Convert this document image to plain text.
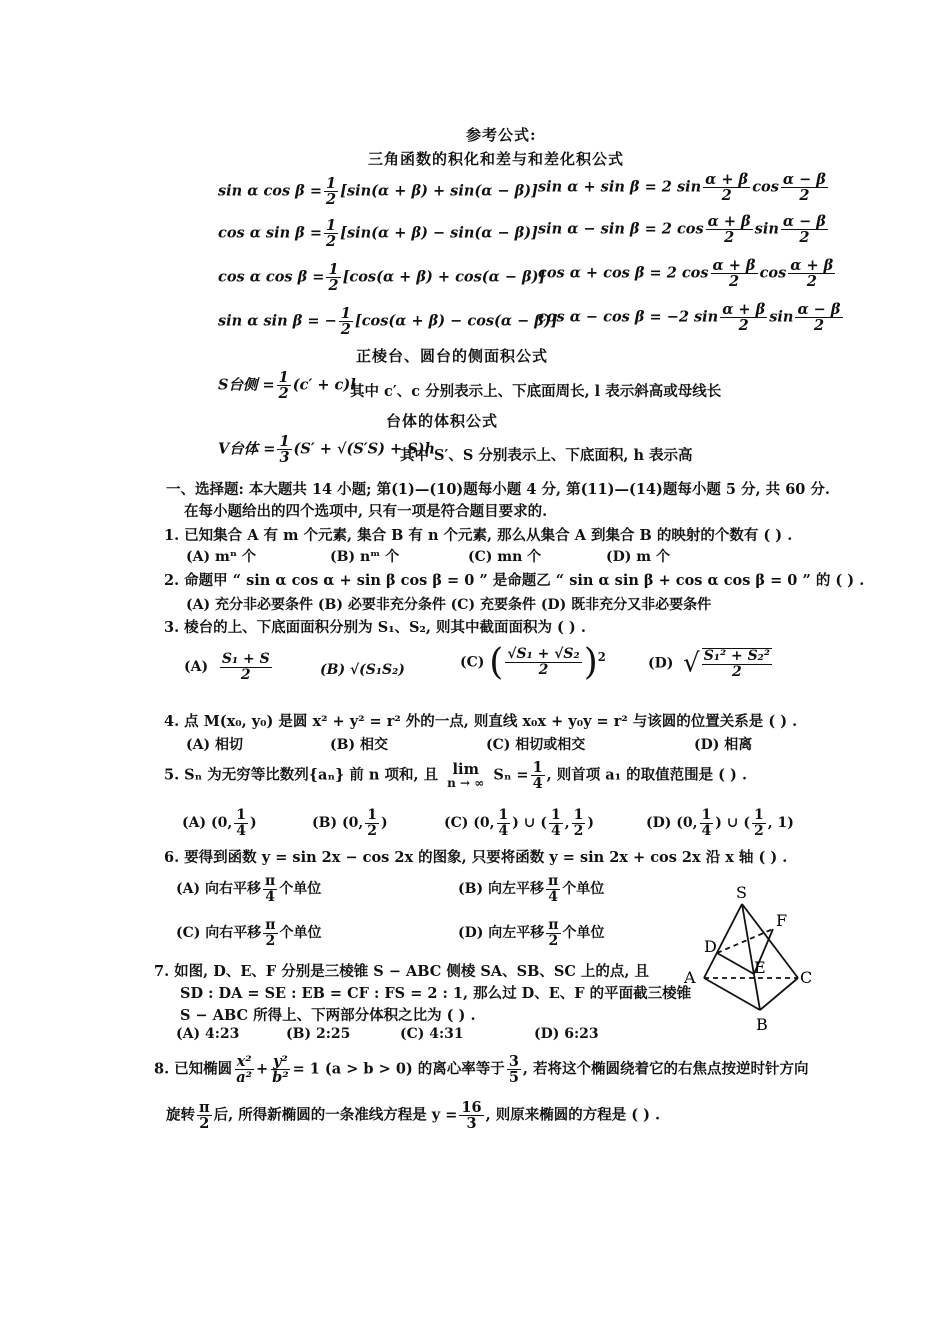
参考公式:
三角函数的积化和差与和差化积公式
sin α $\cos \beta = \frac{1}{2} [\sin(\alpha + \beta) + \sin(\alpha - \beta)]$
cos α $\sin \beta = \frac{1}{2} [\sin(\alpha + \beta) - \sin(\alpha - \beta)]$
cos α $\cos \beta = \frac{1}{2} [\cos(\alpha + \beta) + \cos(\alpha - \beta)]$
sin α sin β = − $\frac{1}{2} [\cos(\alpha + \beta) - \cos(\alpha - \beta)]$
sin α + sin β = 2 $\sin \frac{\alpha + \beta}{2}$ $\cos \frac{\alpha - \beta}{2}$
sin α − sin β = 2 $\cos \frac{\alpha + \beta}{2}$ $\sin \frac{\alpha - \beta}{2}$
cos α + cos β = 2 $\cos \frac{\alpha + \beta}{2}$ $\cos \frac{\alpha + \beta}{2}$
cos α − cos β = −2 $\sin \frac{\alpha + \beta}{2}$ $\sin \frac{\alpha - \beta}{2}$
正棱台、圆台的侧面积公式
S台侧 = $\frac{1}{2} (c' + c)l$
其中 c′、c 分别表示上、下底面周长, l 表示斜高或母线长
台体的体积公式
V台体 = $\frac{1}{3} (S' + √(S'S) + S)h$
其中 S′、S 分别表示上、下底面积, h 表示高
一、选择题: 本大题共 14 小题; 第(1)—(10)题每小题 4 分, 第(11)—(14)题每小题 5 分, 共 60 分.
在每小题给出的四个选项中, 只有一项是符合题目要求的.
1. 已知集合 A 有 m 个元素, 集合 B 有 n 个元素, 那么从集合 A 到集合 B 的映射的个数有 ( ) .
(A) mⁿ 个	(B) nᵐ 个	(C) mn 个	(D) m 个
2. 命题甲 “ sin α cos α + sin β cos β = 0 ” 是命题乙 “ sin α sin β + cos α cos β = 0 ” 的 ( ) .
(A) 充分非必要条件 (B) 必要非充分条件 (C) 充要条件 (D) 既非充分又非必要条件
3. 棱台的上、下底面面积分别为 S₁、S₂, 则其中截面面积为 ( ) .
$(A) \frac{\text{S₁ + S}}{2}$	(B) √(S₁S₂)	(C) ( $\frac{\text{√S₁ + √S₂}}{2} )^2$	(D) √ $\frac{\text{S₁² + S₂²}}{2}$
4. 点 M(x₀, y₀) 是圆 x² + y² = r² 外的一点, 则直线 x₀x + y₀y = r² 与该圆的位置关系是 ( ) .
(A) 相切	(B) 相交	(C) 相切或相交	(D) 相离
5. Sₙ 为无穷等比数列{aₙ} 前 n 项和, 且 lim
n → ∞ $S_n = \frac{1}{4}$ , 则首项 a₁ 的取值范围是 ( ) .
(A) (0, $\frac{1}{4}$ )	(B) (0, $\frac{1}{2}$ )	(C) (0, $\frac{1}{4}$ ) ∪ ( $\frac{1}{4}$ , $\frac{1}{2}$ )	(D) (0, $\frac{1}{4}$ ) ∪ ( $\frac{1}{2}$ , 1)
6. 要得到函数 y = sin 2x − cos 2x 的图象, 只要将函数 y = sin 2x + cos 2x 沿 x 轴 ( ) .
(A) 向右平移 $\frac{\pi}{4}$ 个单位	(B) 向左平移 $\frac{\pi}{4}$ 个单位
(C) 向右平移 $\frac{\pi}{2}$ 个单位	(D) 向左平移 $\frac{\pi}{2}$ 个单位
7. 如图, D、E、F 分别是三棱锥 S − ABC 侧棱 SA、SB、SC 上的点, 且
SD : DA = SE : EB = CF : FS = 2 : 1, 那么过 D、E、F 的平面截三棱锥
S − ABC 所得上、下两部分体积之比为 ( ) .
(A) 4:23	(B) 2:25	(C) 4:31	(D) 6:23
S
A
B
C
D
E
F
8. 已知椭圆 $\frac{\text{x²}}{\text{a²}} + \frac{\text{y²}}{\text{b²}} = 1$ (a > b > 0) 的离心率等于 $\frac{3}{5}$ , 若将这个椭圆绕着它的右焦点按逆时针方向
旋转 $\frac{\pi}{2}$ 后, 所得新椭圆的一条准线方程是 $y = \frac{16}{3}$ , 则原来椭圆的方程是 ( ) .
